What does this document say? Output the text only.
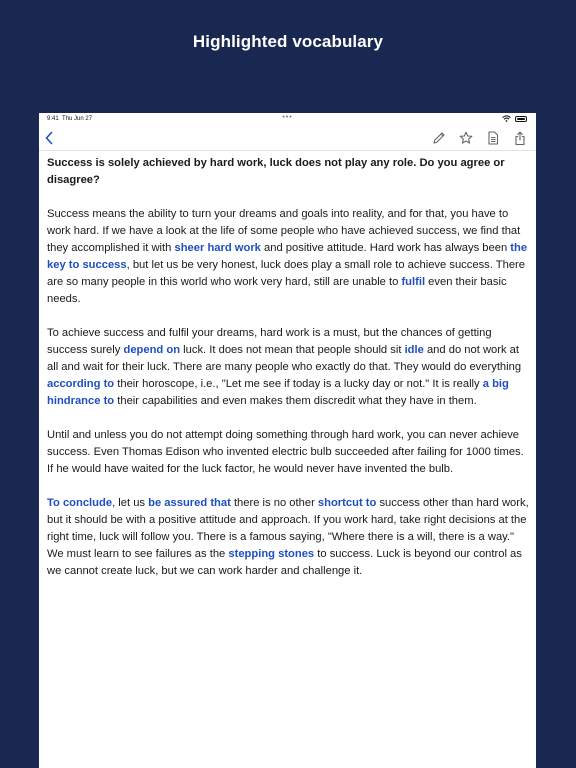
Highlighted vocabulary
9:41 Thu Jun 27	•••

Success is solely achieved by hard work, luck does not play any role. Do you agree or disagree?

Success means the ability to turn your dreams and goals into reality, and for that, you have to work hard. If we have a look at the life of some people who have achieved success, we find that they accomplished it with sheer hard work and positive attitude. Hard work has always been the key to success, but let us be very honest, luck does play a small role to achieve success. There are so many people in this world who work very hard, still are unable to fulfil even their basic needs.

To achieve success and fulfil your dreams, hard work is a must, but the chances of getting success surely depend on luck. It does not mean that people should sit idle and do not work at all and wait for their luck. There are many people who exactly do that. They would do everything according to their horoscope, i.e., "Let me see if today is a lucky day or not." It is really a big hindrance to their capabilities and even makes them discredit what they have in them.

Until and unless you do not attempt doing something through hard work, you can never achieve success. Even Thomas Edison who invented electric bulb succeeded after failing for 1000 times. If he would have waited for the luck factor, he would never have invented the bulb.

To conclude, let us be assured that there is no other shortcut to success other than hard work, but it should be with a positive attitude and approach. If you work hard, take right decisions at the right time, luck will follow you. There is a famous saying, "Where there is a will, there is a way." We must learn to see failures as the stepping stones to success. Luck is beyond our control as we cannot create luck, but we can work harder and challenge it.
